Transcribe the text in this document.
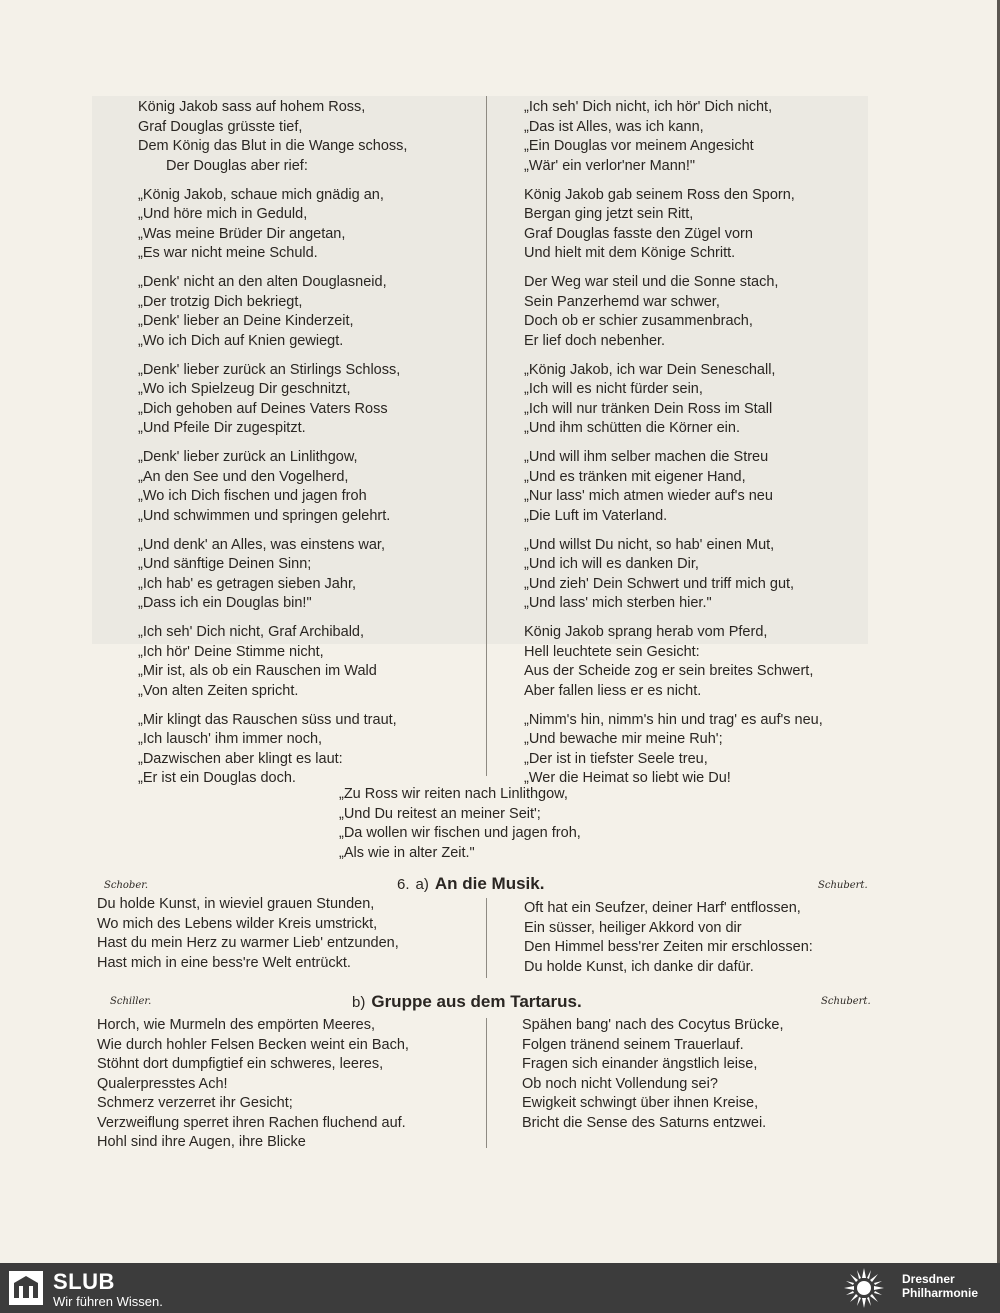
König Jakob sass auf hohem Ross,
Graf Douglas grüsste tief,
Dem König das Blut in die Wange schoss,
Der Douglas aber rief:
„König Jakob, schaue mich gnädig an,
„Und höre mich in Geduld,
„Was meine Brüder Dir angetan,
„Es war nicht meine Schuld.
„Denk' nicht an den alten Douglasneid,
„Der trotzig Dich bekriegt,
„Denk' lieber an Deine Kinderzeit,
„Wo ich Dich auf Knien gewiegt.
„Denk' lieber zurück an Stirlings Schloss,
„Wo ich Spielzeug Dir geschnitzt,
„Dich gehoben auf Deines Vaters Ross
„Und Pfeile Dir zugespitzt.
„Denk' lieber zurück an Linlithgow,
„An den See und den Vogelherd,
„Wo ich Dich fischen und jagen froh
„Und schwimmen und springen gelehrt.
„Und denk' an Alles, was einstens war,
„Und sänftige Deinen Sinn;
„Ich hab' es getragen sieben Jahr,
„Dass ich ein Douglas bin!"
„Ich seh' Dich nicht, Graf Archibald,
„Ich hör' Deine Stimme nicht,
„Mir ist, als ob ein Rauschen im Wald
„Von alten Zeiten spricht.
„Mir klingt das Rauschen süss und traut,
„Ich lausch' ihm immer noch,
„Dazwischen aber klingt es laut:
„Er ist ein Douglas doch.
„Ich seh' Dich nicht, ich hör' Dich nicht,
„Das ist Alles, was ich kann,
„Ein Douglas vor meinem Angesicht
„Wär' ein verlor'ner Mann!"
König Jakob gab seinem Ross den Sporn,
Bergan ging jetzt sein Ritt,
Graf Douglas fasste den Zügel vorn
Und hielt mit dem Könige Schritt.
Der Weg war steil und die Sonne stach,
Sein Panzerhemd war schwer,
Doch ob er schier zusammenbrach,
Er lief doch nebenher.
„König Jakob, ich war Dein Seneschall,
„Ich will es nicht fürder sein,
„Ich will nur tränken Dein Ross im Stall
„Und ihm schütten die Körner ein.
„Und will ihm selber machen die Streu
„Und es tränken mit eigener Hand,
„Nur lass' mich atmen wieder auf's neu
„Die Luft im Vaterland.
„Und willst Du nicht, so hab' einen Mut,
„Und ich will es danken Dir,
„Und zieh' Dein Schwert und triff mich gut,
„Und lass' mich sterben hier."
König Jakob sprang herab vom Pferd,
Hell leuchtete sein Gesicht:
Aus der Scheide zog er sein breites Schwert,
Aber fallen liess er es nicht.
„Nimm's hin, nimm's hin und trag' es auf's neu,
„Und bewache mir meine Ruh';
„Der ist in tiefster Seele treu,
„Wer die Heimat so liebt wie Du!
„Zu Ross wir reiten nach Linlithgow,
„Und Du reitest an meiner Seit';
„Da wollen wir fischen und jagen froh,
„Als wie in alter Zeit."
Schober.	6. a) An die Musik.	Schubert.
Du holde Kunst, in wieviel grauen Stunden,
Wo mich des Lebens wilder Kreis umstrickt,
Hast du mein Herz zu warmer Lieb' entzunden,
Hast mich in eine bess're Welt entrückt.
Oft hat ein Seufzer, deiner Harf' entflossen,
Ein süsser, heiliger Akkord von dir
Den Himmel bess'rer Zeiten mir erschlossen:
Du holde Kunst, ich danke dir dafür.
Schiller.	b) Gruppe aus dem Tartarus.	Schubert.
Horch, wie Murmeln des empörten Meeres,
Wie durch hohler Felsen Becken weint ein Bach,
Stöhnt dort dumpfigtief ein schweres, leeres,
Qualerpresstes Ach!
Schmerz verzerret ihr Gesicht;
Verzweiflung sperret ihren Rachen fluchend auf.
Hohl sind ihre Augen, ihre Blicke
Spähen bang' nach des Cocytus Brücke,
Folgen tränend seinem Trauerlauf.
Fragen sich einander ängstlich leise,
Ob noch nicht Vollendung sei?
Ewigkeit schwingt über ihnen Kreise,
Bricht die Sense des Saturns entzwei.
SLUB
Wir führen Wissen.
Dresdner
Philharmonie
